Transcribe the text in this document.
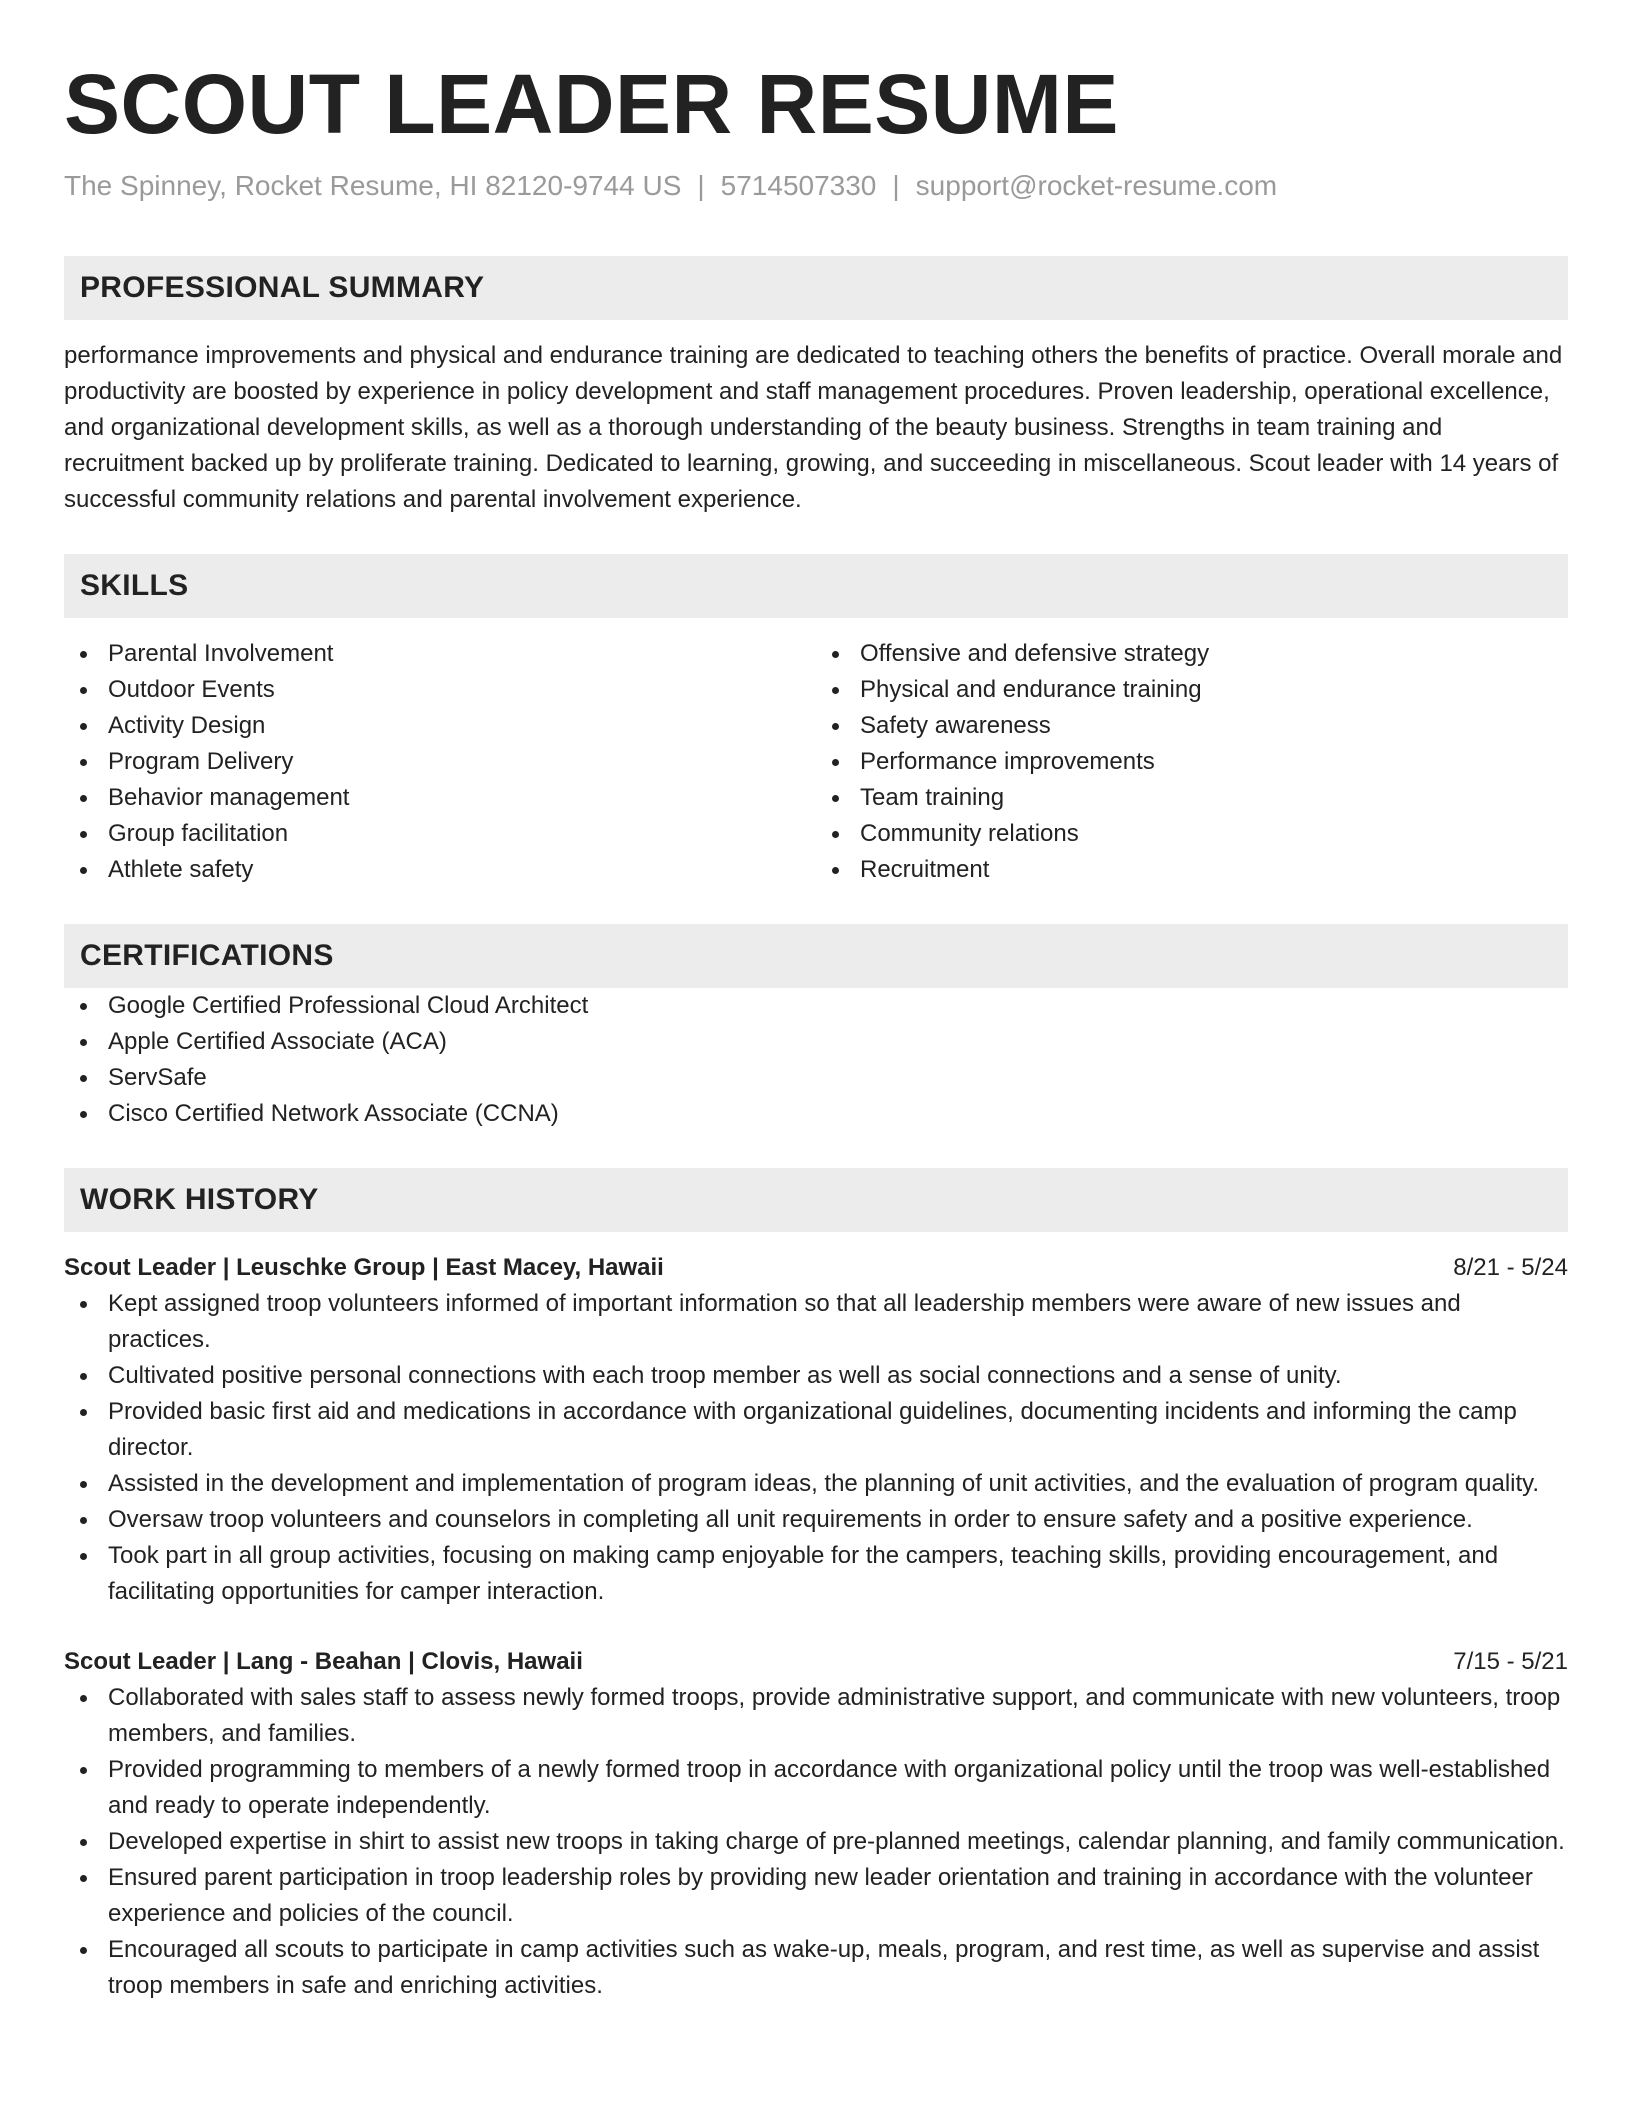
SCOUT LEADER RESUME
The Spinney, Rocket Resume, HI 82120-9744 US | 5714507330 | support@rocket-resume.com
PROFESSIONAL SUMMARY
performance improvements and physical and endurance training are dedicated to teaching others the benefits of practice. Overall morale and productivity are boosted by experience in policy development and staff management procedures. Proven leadership, operational excellence, and organizational development skills, as well as a thorough understanding of the beauty business. Strengths in team training and recruitment backed up by proliferate training. Dedicated to learning, growing, and succeeding in miscellaneous. Scout leader with 14 years of successful community relations and parental involvement experience.
SKILLS
Parental Involvement
Outdoor Events
Activity Design
Program Delivery
Behavior management
Group facilitation
Athlete safety
Offensive and defensive strategy
Physical and endurance training
Safety awareness
Performance improvements
Team training
Community relations
Recruitment
CERTIFICATIONS
Google Certified Professional Cloud Architect
Apple Certified Associate (ACA)
ServSafe
Cisco Certified Network Associate (CCNA)
WORK HISTORY
Scout Leader | Leuschke Group | East Macey, Hawaii	8/21 - 5/24
Kept assigned troop volunteers informed of important information so that all leadership members were aware of new issues and practices.
Cultivated positive personal connections with each troop member as well as social connections and a sense of unity.
Provided basic first aid and medications in accordance with organizational guidelines, documenting incidents and informing the camp director.
Assisted in the development and implementation of program ideas, the planning of unit activities, and the evaluation of program quality.
Oversaw troop volunteers and counselors in completing all unit requirements in order to ensure safety and a positive experience.
Took part in all group activities, focusing on making camp enjoyable for the campers, teaching skills, providing encouragement, and facilitating opportunities for camper interaction.
Scout Leader | Lang - Beahan | Clovis, Hawaii	7/15 - 5/21
Collaborated with sales staff to assess newly formed troops, provide administrative support, and communicate with new volunteers, troop members, and families.
Provided programming to members of a newly formed troop in accordance with organizational policy until the troop was well-established and ready to operate independently.
Developed expertise in shirt to assist new troops in taking charge of pre-planned meetings, calendar planning, and family communication.
Ensured parent participation in troop leadership roles by providing new leader orientation and training in accordance with the volunteer experience and policies of the council.
Encouraged all scouts to participate in camp activities such as wake-up, meals, program, and rest time, as well as supervise and assist troop members in safe and enriching activities.
